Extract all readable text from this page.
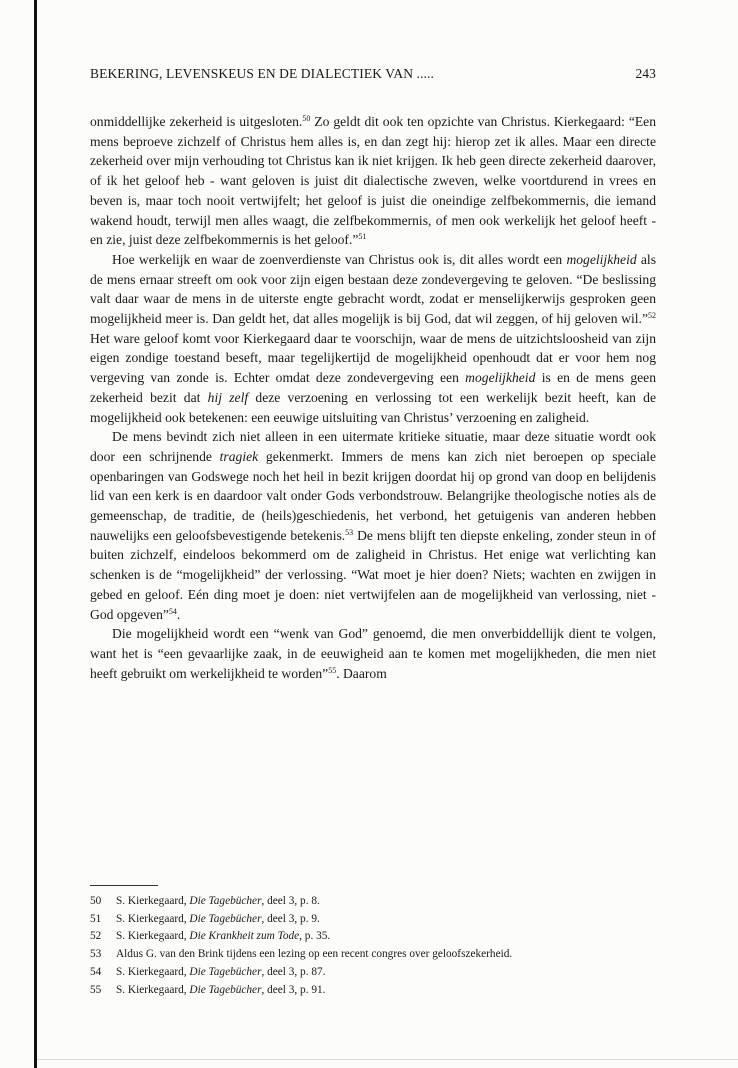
BEKERING, LEVENSKEUS EN DE DIALECTIEK VAN .....	243

onmiddellijke zekerheid is uitgesloten.$^{50}$ Zo geldt dit ook ten opzichte van Christus. Kierkegaard: “Een mens beproeve zichzelf of Christus hem alles is, en dan zegt hij: hierop zet ik alles. Maar een directe zekerheid over mijn verhouding tot Christus kan ik niet krijgen. Ik heb geen directe zekerheid daarover, of ik het geloof heb - want geloven is juist dit dialectische zweven, welke voortdurend in vrees en beven is, maar toch nooit vertwijfelt; het geloof is juist die oneindige zelfbekommernis, die iemand wakend houdt, terwijl men alles waagt, die zelfbekommernis, of men ook werkelijk het geloof heeft - en zie, juist deze zelfbekommernis is het geloof.”$^{51}$

Hoe werkelijk en waar de zoenverdienste van Christus ook is, dit alles wordt een mogelijkheid als de mens ernaar streeft om ook voor zijn eigen bestaan deze zondevergeving te geloven. “De beslissing valt daar waar de mens in de uiterste engte gebracht wordt, zodat er menselijkerwijs gesproken geen mogelijkheid meer is. Dan geldt het, dat alles mogelijk is bij God, dat wil zeggen, of hij geloven wil.”$^{52}$ Het ware geloof komt voor Kierkegaard daar te voorschijn, waar de mens de uitzichtsloosheid van zijn eigen zondige toestand beseft, maar tegelijkertijd de mogelijkheid openhoudt dat er voor hem nog vergeving van zonde is. Echter omdat deze zondevergeving een mogelijkheid is en de mens geen zekerheid bezit dat hij zelf deze verzoening en verlossing tot een werkelijk bezit heeft, kan de mogelijkheid ook betekenen: een eeuwige uitsluiting van Christus’ verzoening en zaligheid.

De mens bevindt zich niet alleen in een uitermate kritieke situatie, maar deze situatie wordt ook door een schrijnende tragiek gekenmerkt. Immers de mens kan zich niet beroepen op speciale openbaringen van Godswege noch het heil in bezit krijgen doordat hij op grond van doop en belijdenis lid van een kerk is en daardoor valt onder Gods verbondstrouw. Belangrijke theologische noties als de gemeenschap, de traditie, de (heils)geschiedenis, het verbond, het getuigenis van anderen hebben nauwelijks een geloofsbevestigende betekenis.$^{53}$ De mens blijft ten diepste enkeling, zonder steun in of buiten zichzelf, eindeloos bekommerd om de zaligheid in Christus. Het enige wat verlichting kan schenken is de “mogelijkheid” der verlossing. “Wat moet je hier doen? Niets; wachten en zwijgen in gebed en geloof. Eén ding moet je doen: niet vertwijfelen aan de mogelijkheid van verlossing, niet - God opgeven”$^{54}$.

Die mogelijkheid wordt een “wenk van God” genoemd, die men onverbiddellijk dient te volgen, want het is “een gevaarlijke zaak, in de eeuwigheid aan te komen met mogelijkheden, die men niet heeft gebruikt om werkelijkheid te worden”$^{55}$. Daarom

50 S. Kierkegaard, Die Tagebücher, deel 3, p. 8.
51 S. Kierkegaard, Die Tagebücher, deel 3, p. 9.
52 S. Kierkegaard, Die Krankheit zum Tode, p. 35.
53 Aldus G. van den Brink tijdens een lezing op een recent congres over geloofszekerheid.
54 S. Kierkegaard, Die Tagebücher, deel 3, p. 87.
55 S. Kierkegaard, Die Tagebücher, deel 3, p. 91.
